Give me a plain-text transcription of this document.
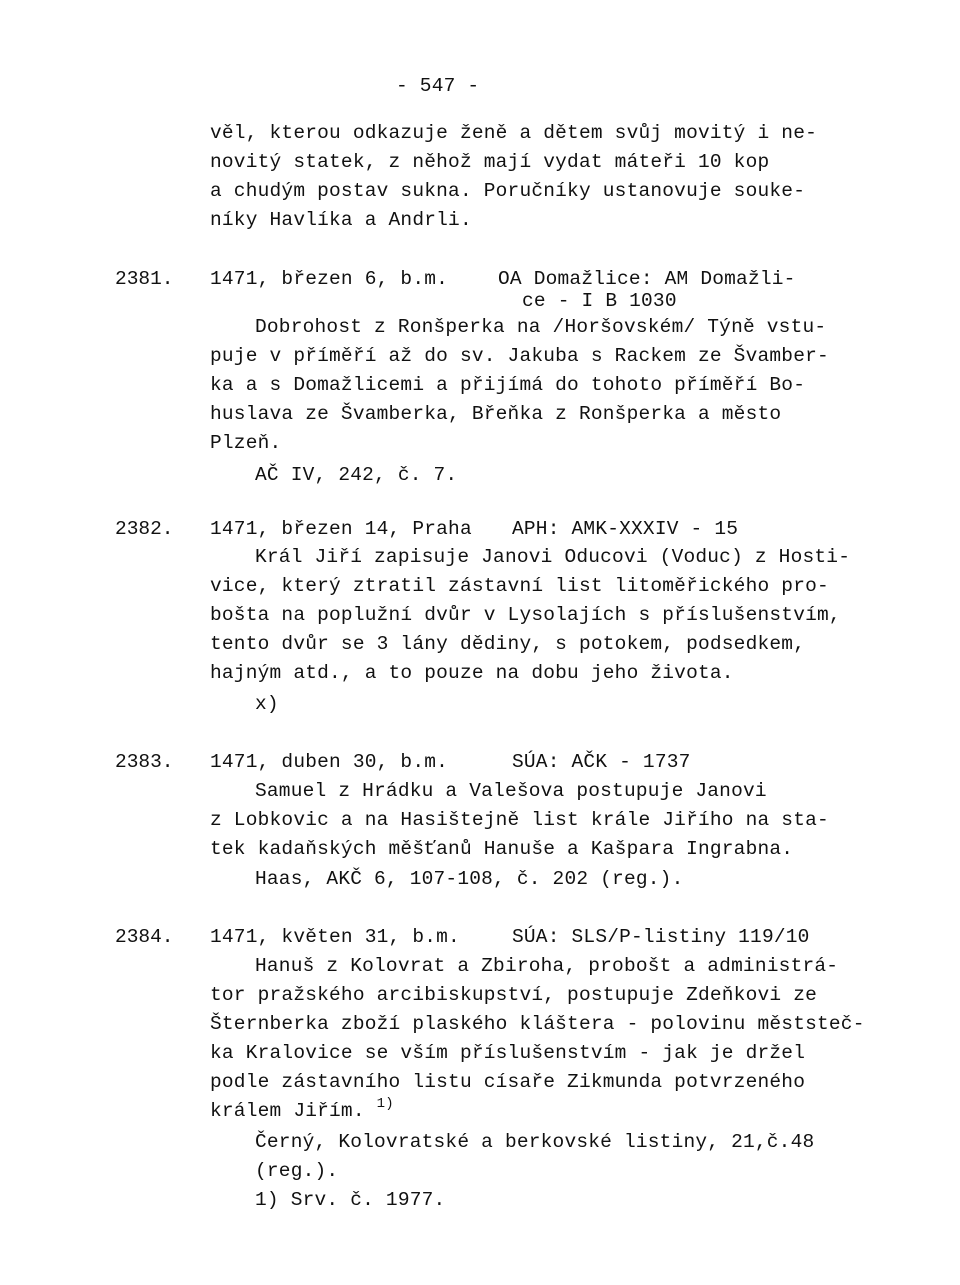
- 547 -
věl, kterou odkazuje ženě a dětem svůj movitý i ne-
novitý statek, z něhož mají vydat máteři 10 kop
a chudým postav sukna. Poručníky ustanovuje souke-
níky Havlíka a Andrli.
2381. 1471, březen 6, b.m.	OA Domažlice: AM Domažli-
ce - I B 1030
Dobrohost z Ronšperka na /Horšovském/ Týně vstu-
puje v příměří až do sv. Jakuba s Rackem ze Švamber-
ka a s Domažlicemi a přijímá do tohoto příměří Bo-
huslava ze Švamberka, Břeňka z Ronšperka a město
Plzeň.
AČ IV, 242, č. 7.
2382. 1471, březen 14, Praha APH: AMK-XXXIV - 15
Král Jiří zapisuje Janovi Oducovi (Voduc) z Hosti-
vice, který ztratil zástavní list litoměřického pro-
bošta na poplužní dvůr v Lysolajích s příslušenstvím,
tento dvůr se 3 lány dědiny, s potokem, podsedkem,
hajným atd., a to pouze na dobu jeho života.
x)
2383. 1471, duben 30, b.m.	SÚA: AČK - 1737
Samuel z Hrádku a Valešova postupuje Janovi
z Lobkovic a na Hasištejně list krále Jiřího na sta-
tek kadaňských měšťanů Hanuše a Kašpara Ingrabna.
Haas, AKČ 6, 107-108, č. 202 (reg.).
2384. 1471, květen 31, b.m.	SÚA: SLS/P-listiny 119/10
Hanuš z Kolovrat a Zbiroha, probošt a administrá-
tor pražského arcibiskupství, postupuje Zdeňkovi ze
Šternberka zboží plaského kláštera - polovinu měststeč-
ka Kralovice se vším příslušenstvím - jak je držel
podle zástavního listu císaře Zikmunda potvrzeného
králem Jiřím. $^{1)}$
Černý, Kolovratské a berkovské listiny, 21,č.48
(reg.).
1) Srv. č. 1977.
